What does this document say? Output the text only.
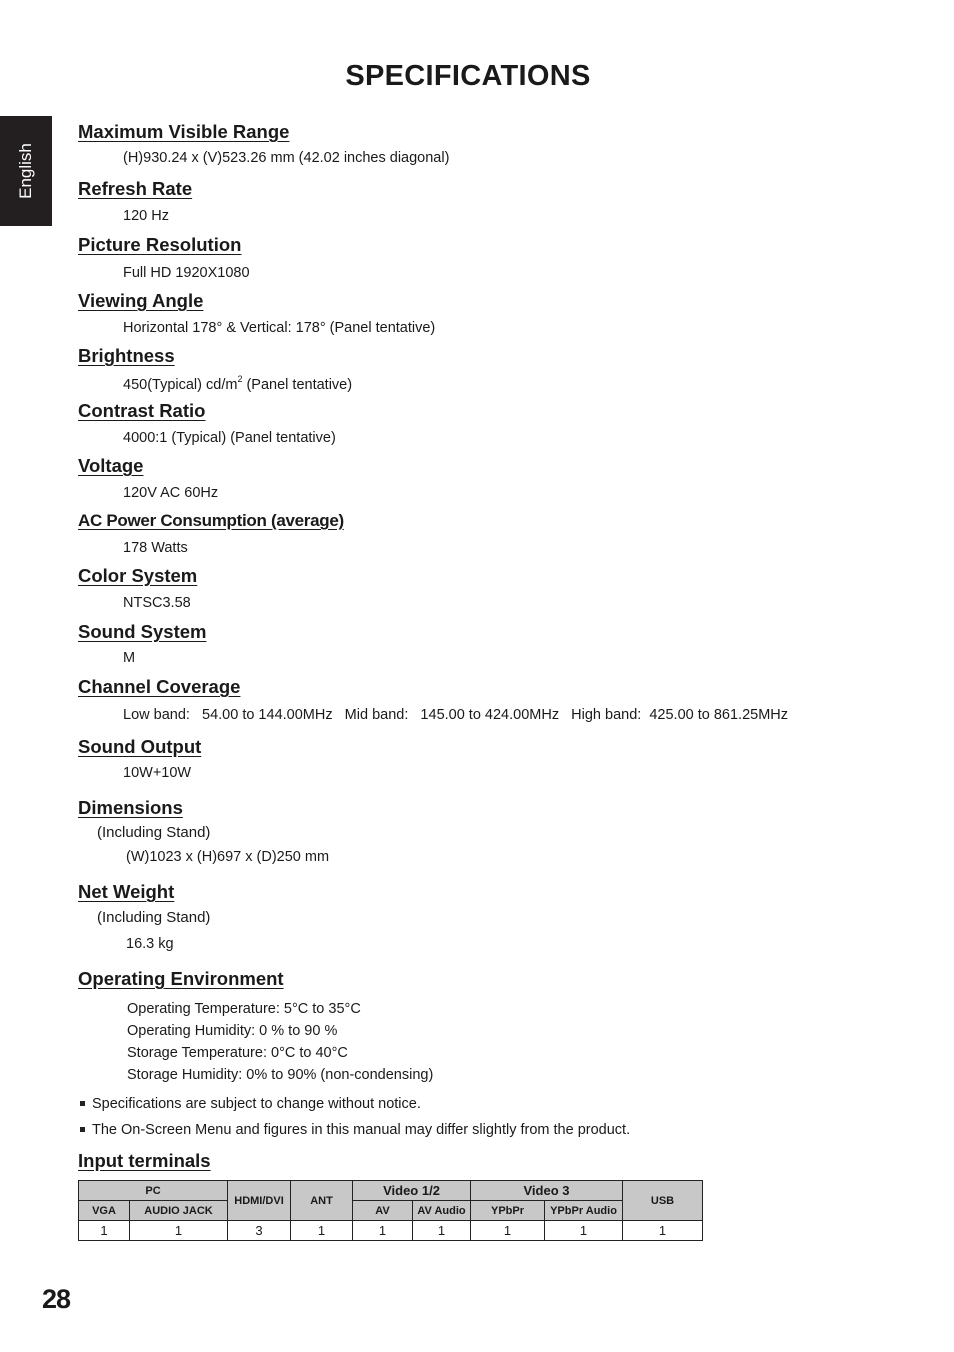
SPECIFICATIONS
English
Maximum Visible Range
(H)930.24 x (V)523.26 mm (42.02 inches diagonal)
Refresh Rate
120 Hz
Picture Resolution
Full HD 1920X1080
Viewing Angle
Horizontal 178° & Vertical: 178° (Panel tentative)
Brightness
450(Typical) $cd/m^2$ (Panel tentative)
Contrast Ratio
4000:1 (Typical) (Panel tentative)
Voltage
120V AC 60Hz
AC Power Consumption (average)
178 Watts
Color System
NTSC3.58
Sound System
M
Channel Coverage
Low band:   54.00 to 144.00MHz   Mid band:   145.00 to 424.00MHz   High band:  425.00 to 861.25MHz
Sound Output
10W+10W
Dimensions
(Including Stand)
(W)1023 x (H)697 x (D)250 mm
Net Weight
(Including Stand)
16.3 kg
Operating Environment
Operating Temperature: 5°C to 35°C
Operating Humidity: 0 % to 90 %
Storage Temperature: 0°C to 40°C
Storage Humidity: 0% to 90% (non-condensing)
Specifications are subject to change without notice.
The On-Screen Menu and figures in this manual may differ slightly from the product.
Input terminals
PC		HDMI/DVI	ANT	Video 1/2		Video 3		USB
VGA	AUDIO JACK			AV	AV Audio	YPbPr	YPbPr Audio	
1	1	3	1	1	1	1	1	1
28
